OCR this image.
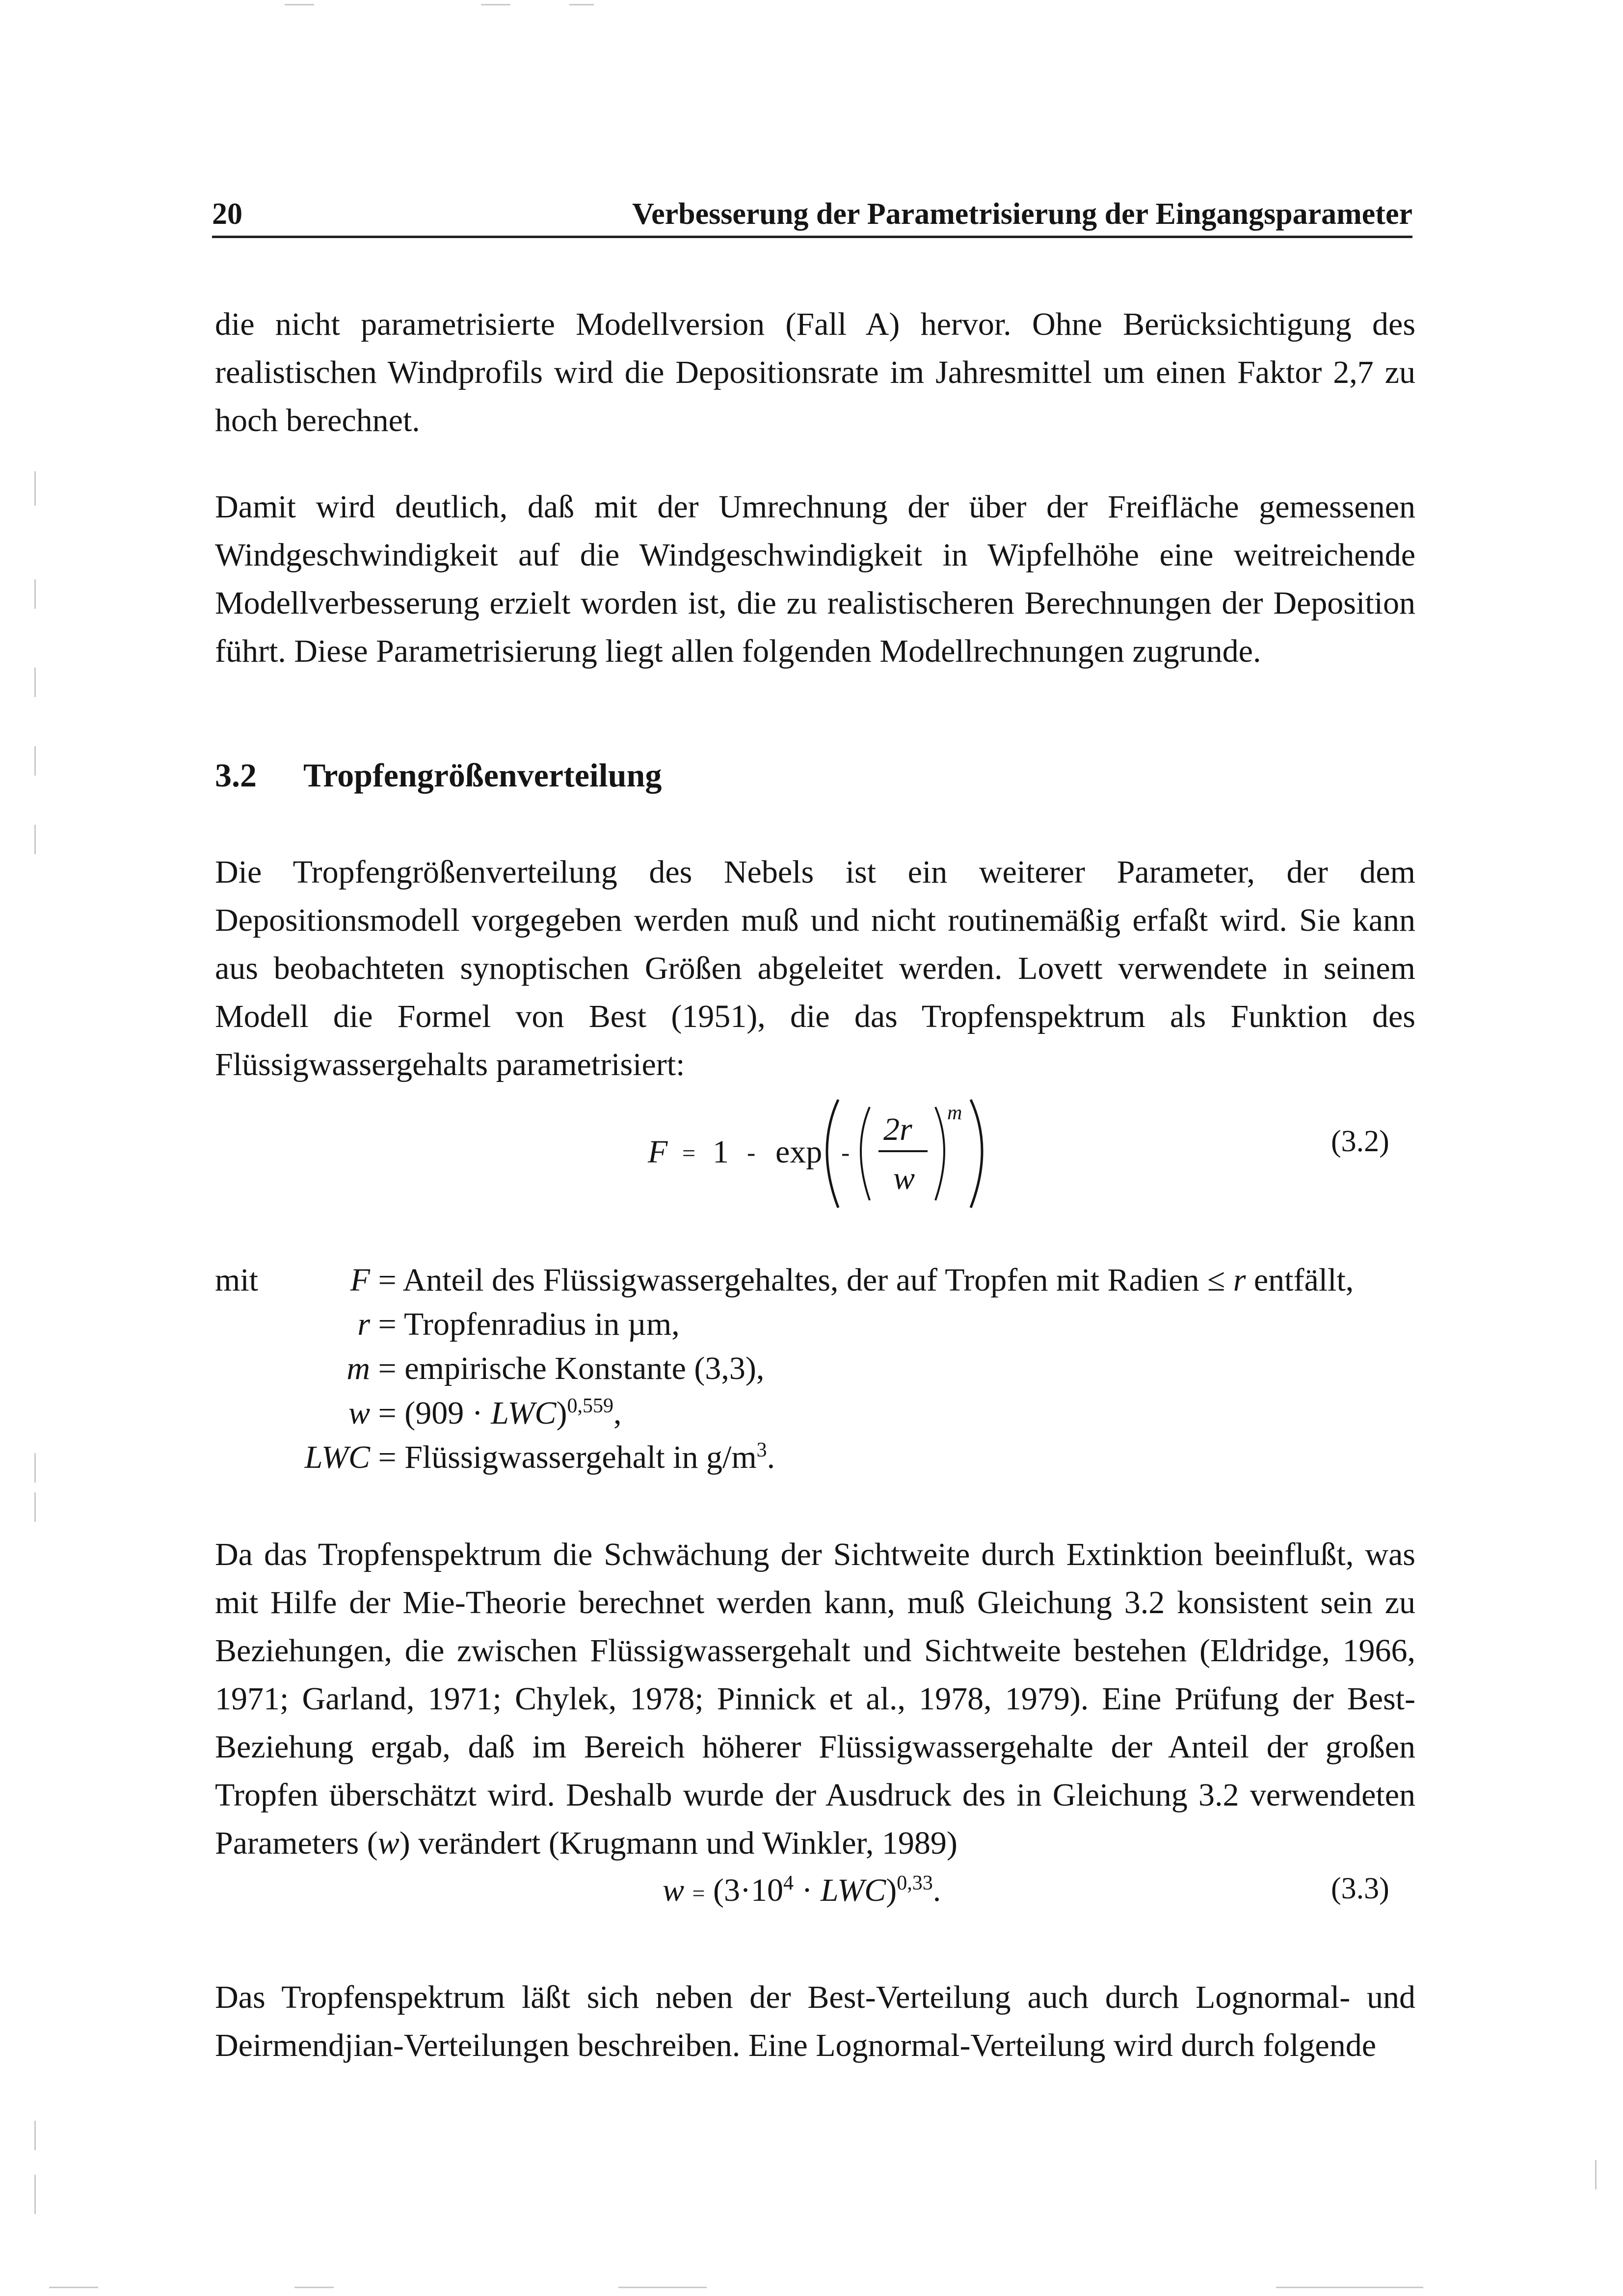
20	Verbesserung der Parametrisierung der Eingangsparameter

die nicht parametrisierte Modellversion (Fall A) hervor. Ohne Berücksichtigung des realistischen Windprofils wird die Depositionsrate im Jahresmittel um einen Faktor 2,7 zu hoch berechnet.

Damit wird deutlich, daß mit der Umrechnung der über der Freifläche gemessenen Windgeschwindigkeit auf die Windgeschwindigkeit in Wipfelhöhe eine weitreichende Modellverbesserung erzielt worden ist, die zu realistischeren Berechnungen der Deposition führt. Diese Parametrisierung liegt allen folgenden Modellrechnungen zugrunde.

3.2 Tropfengrößenverteilung

Die Tropfengrößenverteilung des Nebels ist ein weiterer Parameter, der dem Depositionsmodell vorgegeben werden muß und nicht routinemäßig erfaßt wird. Sie kann aus beobachteten synoptischen Größen abgeleitet werden. Lovett verwendete in seinem Modell die Formel von Best (1951), die das Tropfenspektrum als Funktion des Flüssigwassergehalts parametrisiert:

F = 1 - exp -
2r
w
m
(3.2)
mit	F = Anteil des Flüssigwassergehaltes, der auf Tropfen mit Radien ≤ r entfällt,
r = Tropfenradius in µm,
m = empirische Konstante (3,3),
w = (909 · LWC)$^{0,559}$,
LWC = Flüssigwassergehalt in $g/m^3$.

Da das Tropfenspektrum die Schwächung der Sichtweite durch Extinktion beeinflußt, was mit Hilfe der Mie-Theorie berechnet werden kann, muß Gleichung 3.2 konsistent sein zu Beziehungen, die zwischen Flüssigwassergehalt und Sichtweite bestehen (Eldridge, 1966, 1971; Garland, 1971; Chylek, 1978; Pinnick et al., 1978, 1979). Eine Prüfung der Best-Beziehung ergab, daß im Bereich höherer Flüssigwassergehalte der Anteil der großen Tropfen überschätzt wird. Deshalb wurde der Ausdruck des in Gleichung 3.2 verwendeten Parameters (w) verändert (Krugmann und Winkler, 1989)

$w = (3\cdot 10^4 \cdot LWC)^{0,33}$.	(3.3)

Das Tropfenspektrum läßt sich neben der Best-Verteilung auch durch Lognormal- und Deirmendjian-Verteilungen beschreiben. Eine Lognormal-Verteilung wird durch folgende
